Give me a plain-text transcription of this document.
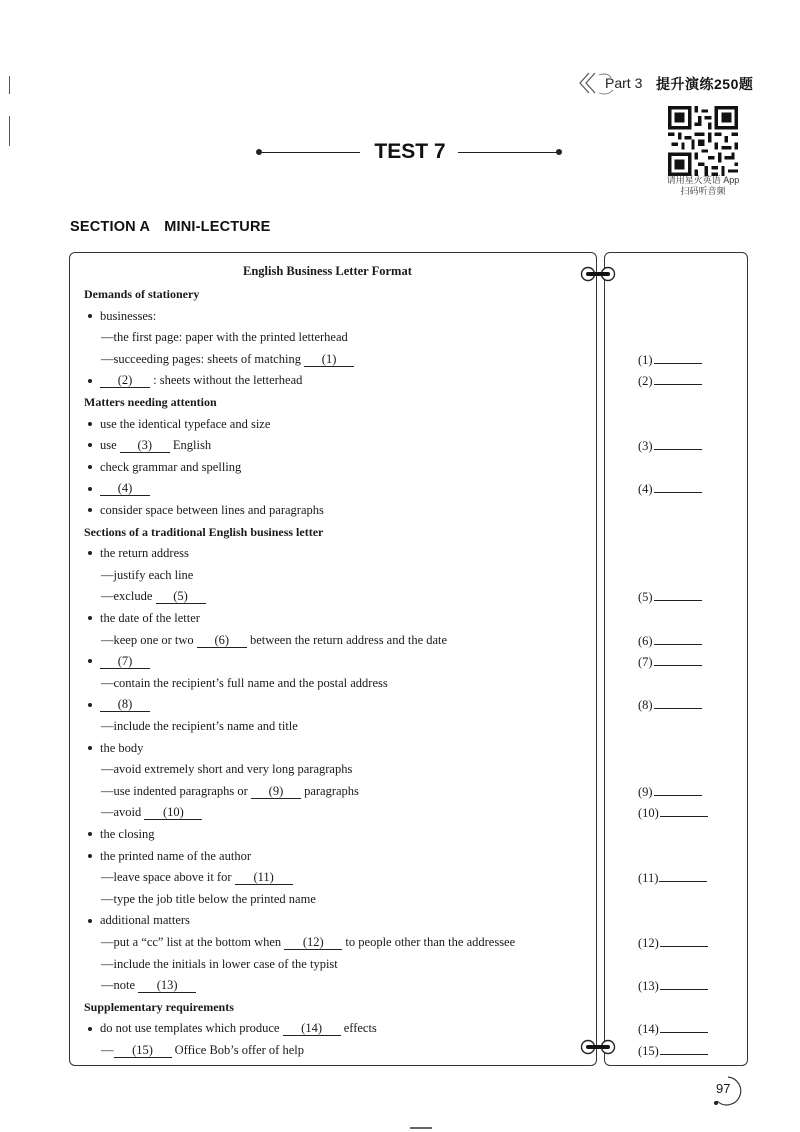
Part 3 提升演练250题
请用星火英语 App
扫码听音频
TEST 7
SECTION A MINI-LECTURE
English Business Letter Format
Demands of stationery
businesses:
—the first page: paper with the printed letterhead
—succeeding pages: sheets of matching (1)
(2) : sheets without the letterhead
Matters needing attention
use the identical typeface and size
use (3) English
check grammar and spelling
(4)
consider space between lines and paragraphs
Sections of a traditional English business letter
the return address
—justify each line
—exclude (5)
the date of the letter
—keep one or two (6) between the return address and the date
(7)
—contain the recipient’s full name and the postal address
(8)
—include the recipient’s name and title
the body
—avoid extremely short and very long paragraphs
—use indented paragraphs or (9) paragraphs
—avoid (10)
the closing
the printed name of the author
—leave space above it for (11)
—type the job title below the printed name
additional matters
—put a “cc” list at the bottom when (12) to people other than the addressee
—include the initials in lower case of the typist
—note (13)
Supplementary requirements
do not use templates which produce (14) effects
— (15) Office Bob’s offer of help
(1)
(2)
(3)
(4)
(5)
(6)
(7)
(8)
(9)
(10)
(11)
(12)
(13)
(14)
(15)
97
